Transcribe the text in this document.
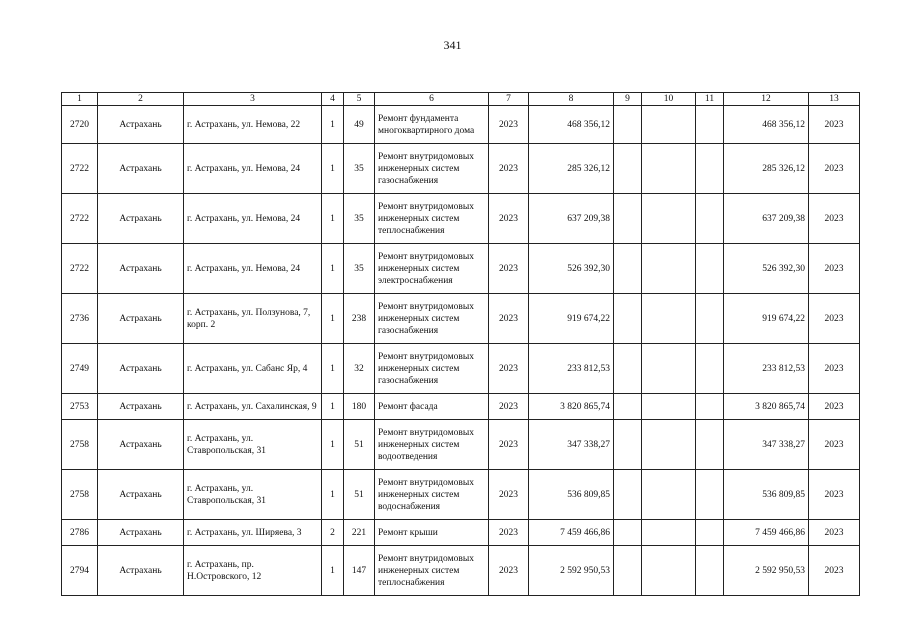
341
1	2	3	4	5	6	7	8	9	10	11	12	13
2720	Астрахань	г. Астрахань, ул. Немова, 22	1	49	Ремонт фундамента многоквартирного дома	2023	468 356,12				468 356,12	2023
2722	Астрахань	г. Астрахань, ул. Немова, 24	1	35	Ремонт внутридомовых инженерных систем газоснабжения	2023	285 326,12				285 326,12	2023
2722	Астрахань	г. Астрахань, ул. Немова, 24	1	35	Ремонт внутридомовых инженерных систем теплоснабжения	2023	637 209,38				637 209,38	2023
2722	Астрахань	г. Астрахань, ул. Немова, 24	1	35	Ремонт внутридомовых инженерных систем электроснабжения	2023	526 392,30				526 392,30	2023
2736	Астрахань	г. Астрахань, ул. Ползунова, 7, корп. 2	1	238	Ремонт внутридомовых инженерных систем газоснабжения	2023	919 674,22				919 674,22	2023
2749	Астрахань	г. Астрахань, ул. Сабанс Яр, 4	1	32	Ремонт внутридомовых инженерных систем газоснабжения	2023	233 812,53				233 812,53	2023
2753	Астрахань	г. Астрахань, ул. Сахалинская, 9	1	180	Ремонт фасада	2023	3 820 865,74				3 820 865,74	2023
2758	Астрахань	г. Астрахань, ул. Ставропольская, 31	1	51	Ремонт внутридомовых инженерных систем водоотведения	2023	347 338,27				347 338,27	2023
2758	Астрахань	г. Астрахань, ул. Ставропольская, 31	1	51	Ремонт внутридомовых инженерных систем водоснабжения	2023	536 809,85				536 809,85	2023
2786	Астрахань	г. Астрахань, ул. Ширяева, 3	2	221	Ремонт крыши	2023	7 459 466,86				7 459 466,86	2023
2794	Астрахань	г. Астрахань, пр. Н.Островского, 12	1	147	Ремонт внутридомовых инженерных систем теплоснабжения	2023	2 592 950,53				2 592 950,53	2023
